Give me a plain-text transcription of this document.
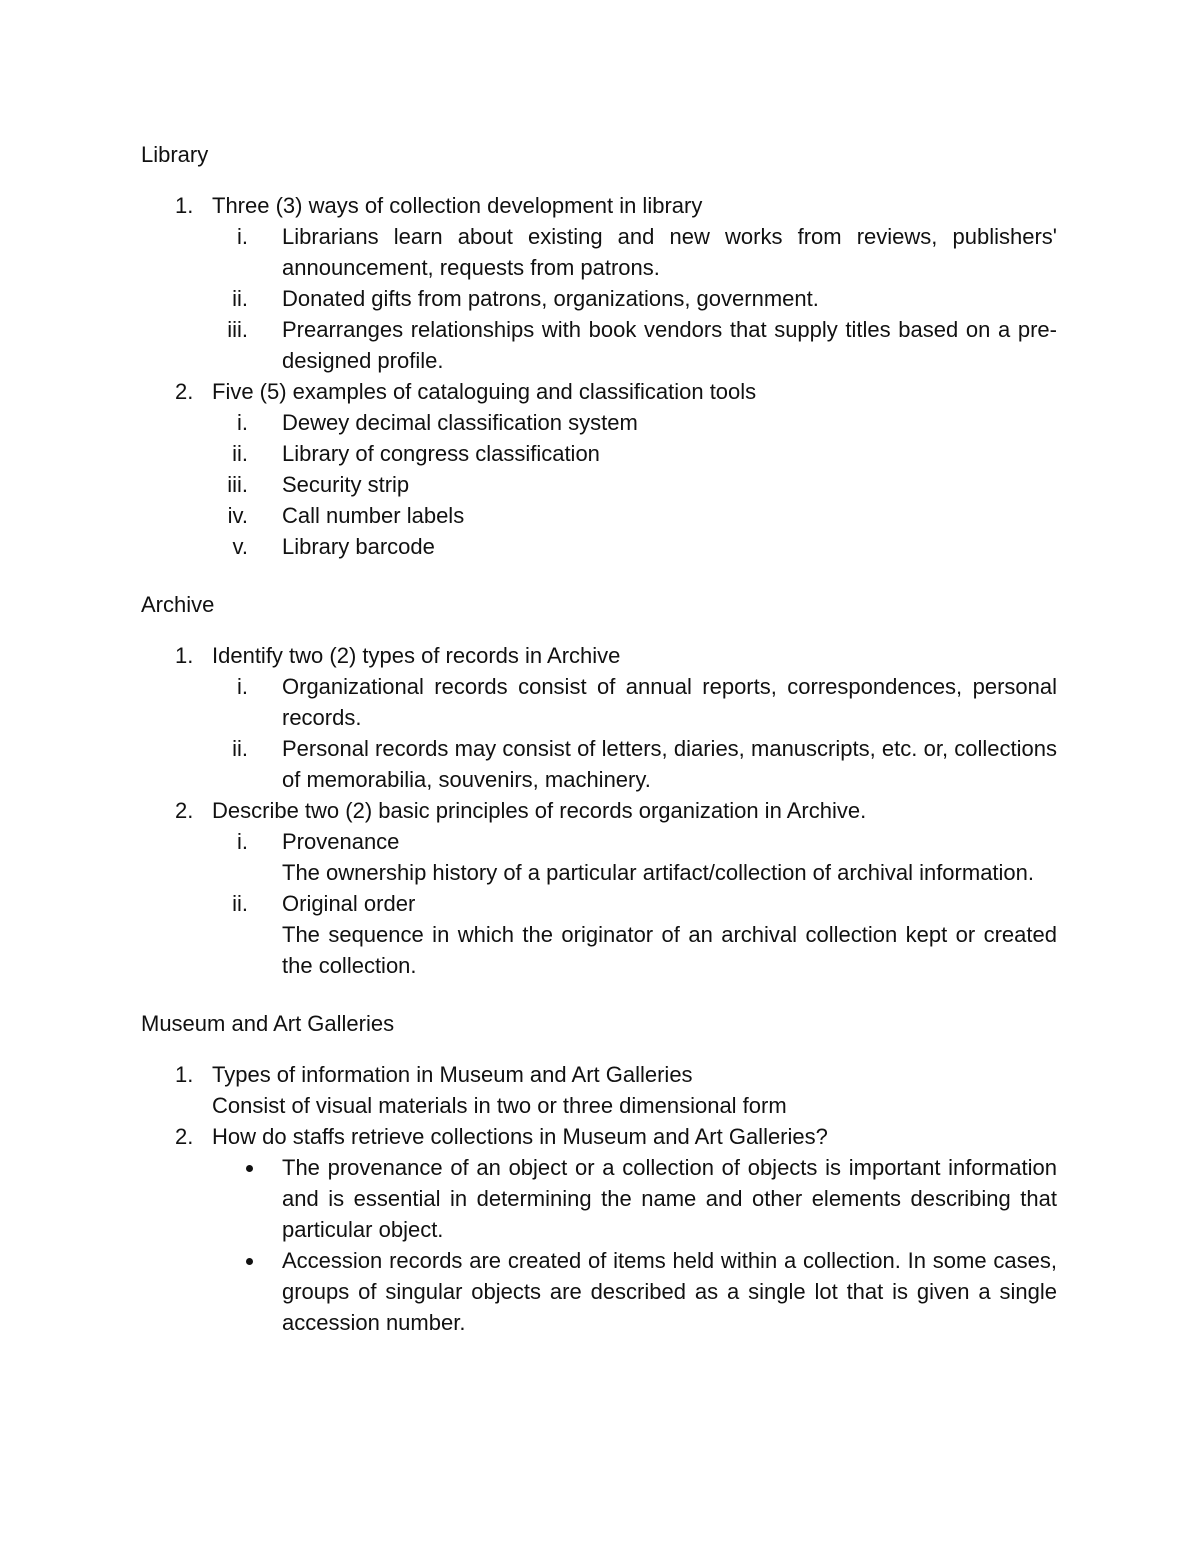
Library
1. Three (3) ways of collection development in library
i. Librarians learn about existing and new works from reviews, publishers' announcement, requests from patrons.
ii. Donated gifts from patrons, organizations, government.
iii. Prearranges relationships with book vendors that supply titles based on a pre-designed profile.
2. Five (5) examples of cataloguing and classification tools
i. Dewey decimal classification system
ii. Library of congress classification
iii. Security strip
iv. Call number labels
v. Library barcode
Archive
1. Identify two (2) types of records in Archive
i. Organizational records consist of annual reports, correspondences, personal records.
ii. Personal records may consist of letters, diaries, manuscripts, etc. or, collections of memorabilia, souvenirs, machinery.
2. Describe two (2) basic principles of records organization in Archive.
i. Provenance
The ownership history of a particular artifact/collection of archival information.
ii. Original order
The sequence in which the originator of an archival collection kept or created the collection.
Museum and Art Galleries
1. Types of information in Museum and Art Galleries
Consist of visual materials in two or three dimensional form
2. How do staffs retrieve collections in Museum and Art Galleries?
The provenance of an object or a collection of objects is important information and is essential in determining the name and other elements describing that particular object.
Accession records are created of items held within a collection. In some cases, groups of singular objects are described as a single lot that is given a single accession number.
